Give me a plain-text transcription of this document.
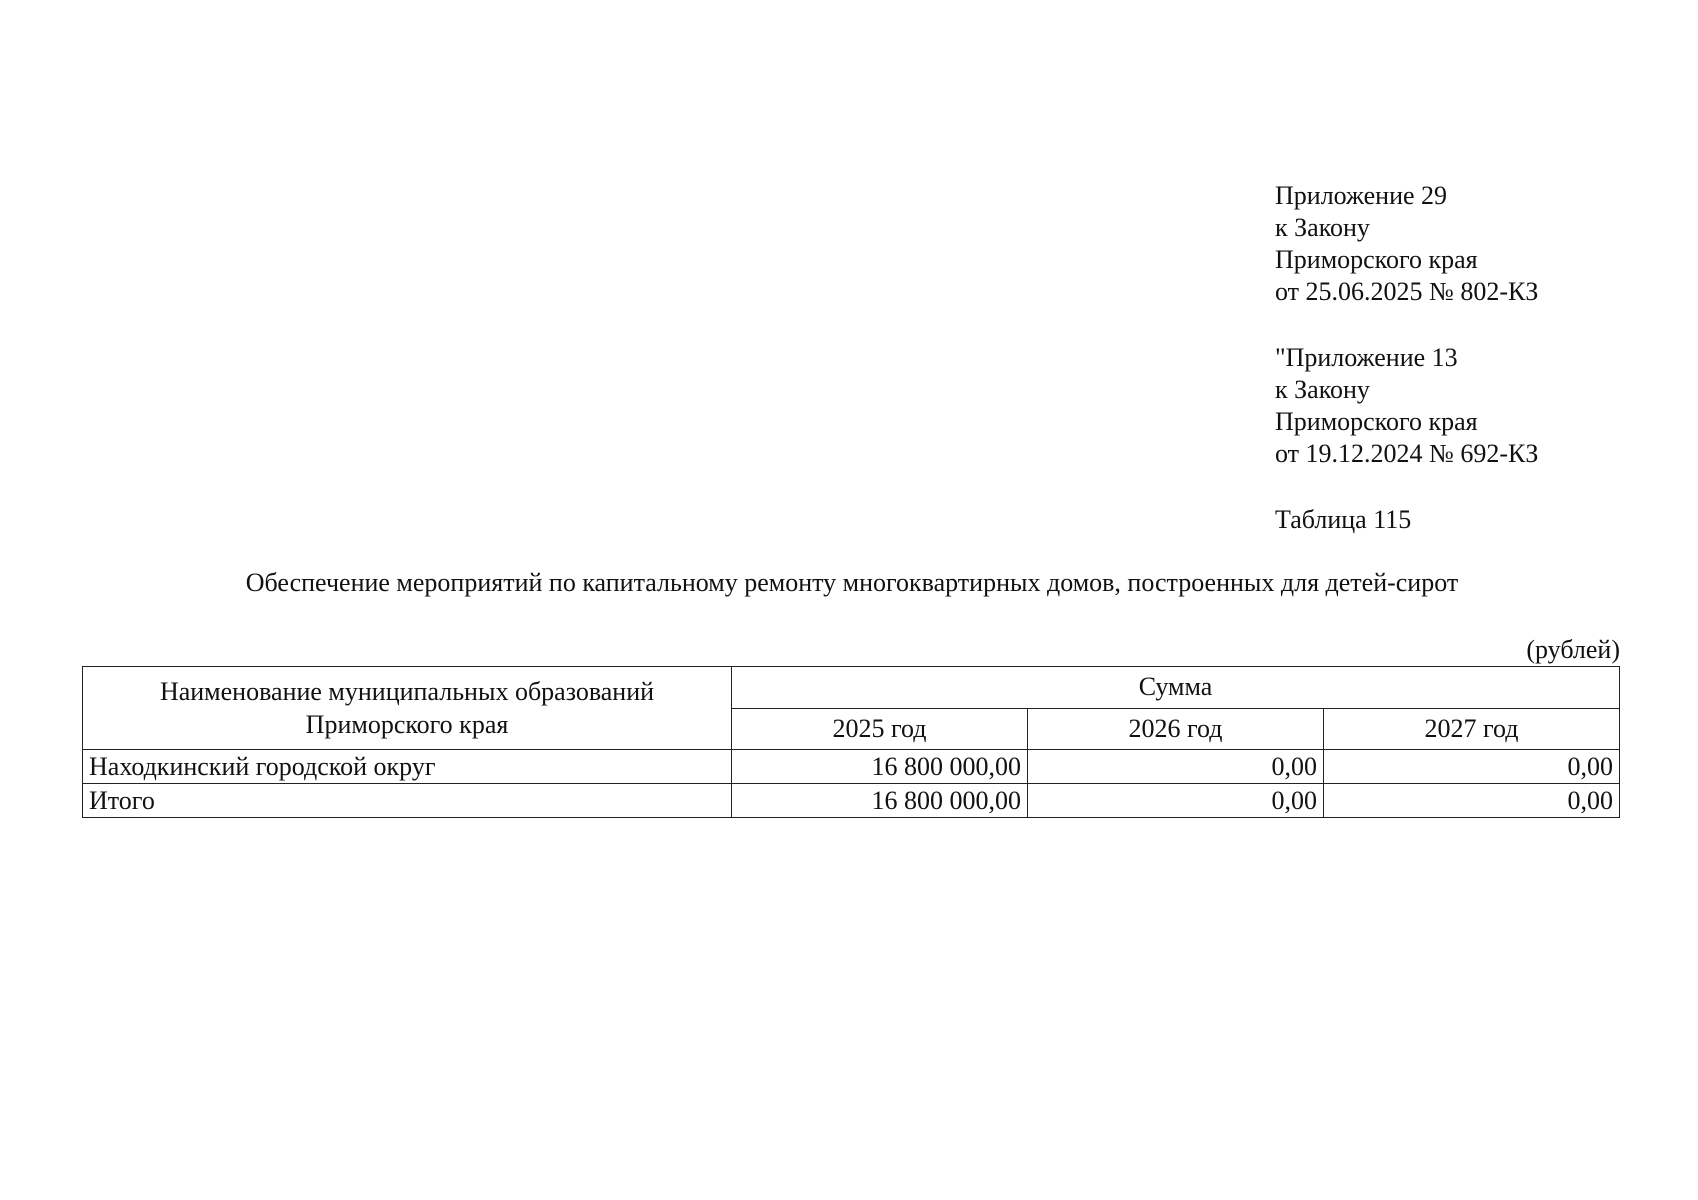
Приложение 29
к Закону
Приморского края
от 25.06.2025 № 802-КЗ
"Приложение 13
к Закону
Приморского края
от 19.12.2024 № 692-КЗ
Таблица 115
Обеспечение мероприятий по капитальному ремонту многоквартирных домов, построенных для детей-сирот
(рублей)
Наименование муниципальных образований
Приморского края	Сумма		
	2025 год	2026 год	2027 год
Находкинский городской округ	16 800 000,00	0,00	0,00
Итого	16 800 000,00	0,00	0,00
